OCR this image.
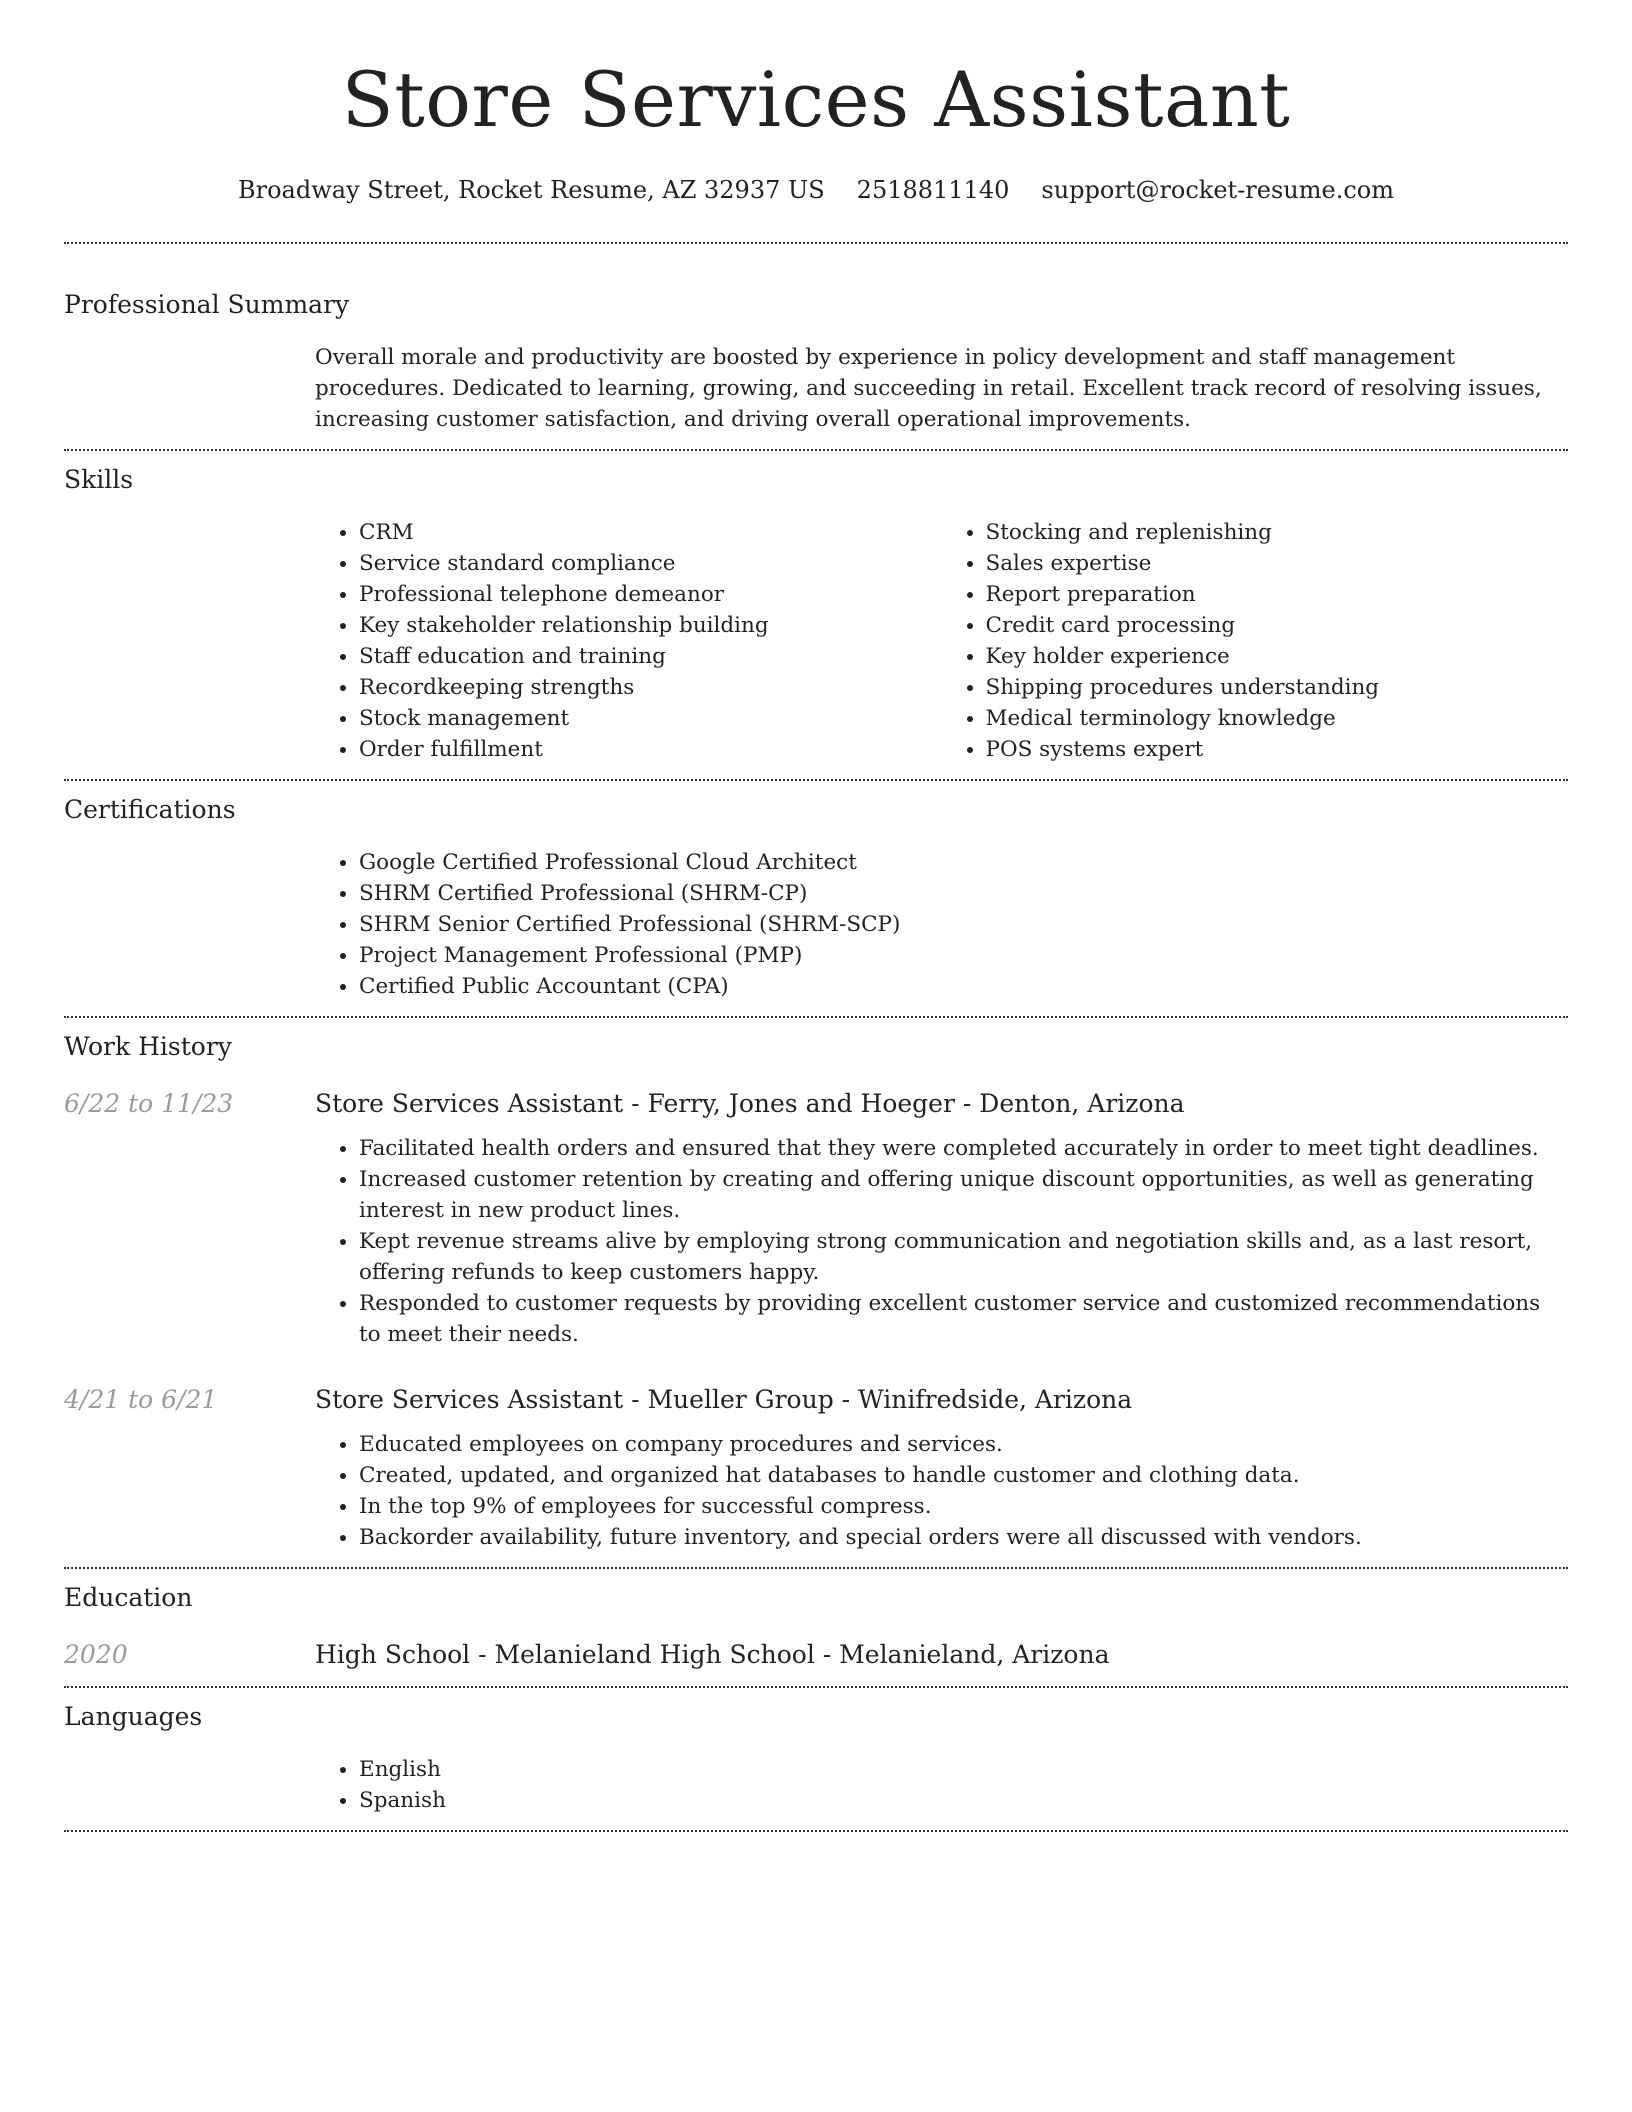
Store Services Assistant
Broadway Street, Rocket Resume, AZ 32937 US 2518811140 support@rocket-resume.com
Professional Summary

Overall morale and productivity are boosted by experience in policy development and staff management procedures. Dedicated to learning, growing, and succeeding in retail. Excellent track record of resolving issues, increasing customer satisfaction, and driving overall operational improvements.

Skills
• CRM
• Service standard compliance
• Professional telephone demeanor
• Key stakeholder relationship building
• Staff education and training
• Recordkeeping strengths
• Stock management
• Order fulfillment
• Stocking and replenishing
• Sales expertise
• Report preparation
• Credit card processing
• Key holder experience
• Shipping procedures understanding
• Medical terminology knowledge
• POS systems expert
Certifications
• Google Certified Professional Cloud Architect
• SHRM Certified Professional (SHRM-CP)
• SHRM Senior Certified Professional (SHRM-SCP)
• Project Management Professional (PMP)
• Certified Public Accountant (CPA)
Work History
6/22 to 11/23	Store Services Assistant - Ferry, Jones and Hoeger - Denton, Arizona
• Facilitated health orders and ensured that they were completed accurately in order to meet tight deadlines.
• Increased customer retention by creating and offering unique discount opportunities, as well as generating interest in new product lines.
• Kept revenue streams alive by employing strong communication and negotiation skills and, as a last resort, offering refunds to keep customers happy.
• Responded to customer requests by providing excellent customer service and customized recommendations to meet their needs.
4/21 to 6/21	Store Services Assistant - Mueller Group - Winifredside, Arizona
• Educated employees on company procedures and services.
• Created, updated, and organized hat databases to handle customer and clothing data.
• In the top 9% of employees for successful compress.
• Backorder availability, future inventory, and special orders were all discussed with vendors.
Education
2020	High School - Melanieland High School - Melanieland, Arizona
Languages
• English
• Spanish
